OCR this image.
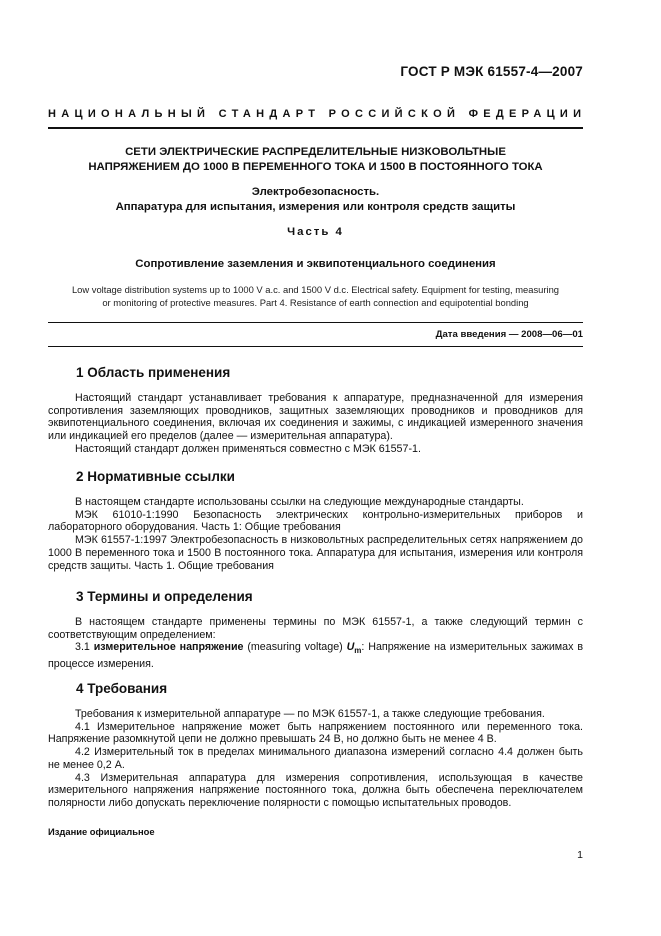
ГОСТ Р МЭК 61557-4—2007
НАЦИОНАЛЬНЫЙ СТАНДАРТ РОССИЙСКОЙ ФЕДЕРАЦИИ
СЕТИ ЭЛЕКТРИЧЕСКИЕ РАСПРЕДЕЛИТЕЛЬНЫЕ НИЗКОВОЛЬТНЫЕ
НАПРЯЖЕНИЕМ ДО 1000 В ПЕРЕМЕННОГО ТОКА И 1500 В ПОСТОЯННОГО ТОКА
Электробезопасность.
Аппаратура для испытания, измерения или контроля средств защиты
Часть 4
Сопротивление заземления и эквипотенциального соединения
Low voltage distribution systems up to 1000 V a.c. and 1500 V d.c. Electrical safety. Equipment for testing, measuring
or monitoring of protective measures. Part 4. Resistance of earth connection and equipotential bonding
Дата введения — 2008—06—01
1 Область применения

Настоящий стандарт устанавливает требования к аппаратуре, предназначенной для измерения сопротивления заземляющих проводников, защитных заземляющих проводников и проводников для эквипотенциального соединения, включая их соединения и зажимы, с индикацией измеренного значения или индикацией его пределов (далее — измерительная аппаратура).

Настоящий стандарт должен применяться совместно с МЭК 61557-1.

2 Нормативные ссылки

В настоящем стандарте использованы ссылки на следующие международные стандарты.

МЭК 61010-1:1990 Безопасность электрических контрольно-измерительных приборов и лабораторного оборудования. Часть 1: Общие требования

МЭК 61557-1:1997 Электробезопасность в низковольтных распределительных сетях напряжением до 1000 В переменного тока и 1500 В постоянного тока. Аппаратура для испытания, измерения или контроля средств защиты. Часть 1. Общие требования

3 Термины и определения

В настоящем стандарте применены термины по МЭК 61557-1, а также следующий термин с соответствующим определением:

3.1 измерительное напряжение (measuring voltage) $U_m$: Напряжение на измерительных зажимах в процессе измерения.

4 Требования

Требования к измерительной аппаратуре — по МЭК 61557-1, а также следующие требования.

4.1 Измерительное напряжение может быть напряжением постоянного или переменного тока. Напряжение разомкнутой цепи не должно превышать 24 В, но должно быть не менее 4 В.

4.2 Измерительный ток в пределах минимального диапазона измерений согласно 4.4 должен быть не менее 0,2 А.

4.3 Измерительная аппаратура для измерения сопротивления, использующая в качестве измерительного напряжения напряжение постоянного тока, должна быть обеспечена переключателем полярности либо допускать переключение полярности с помощью испытательных проводов.

Издание официальное
1
